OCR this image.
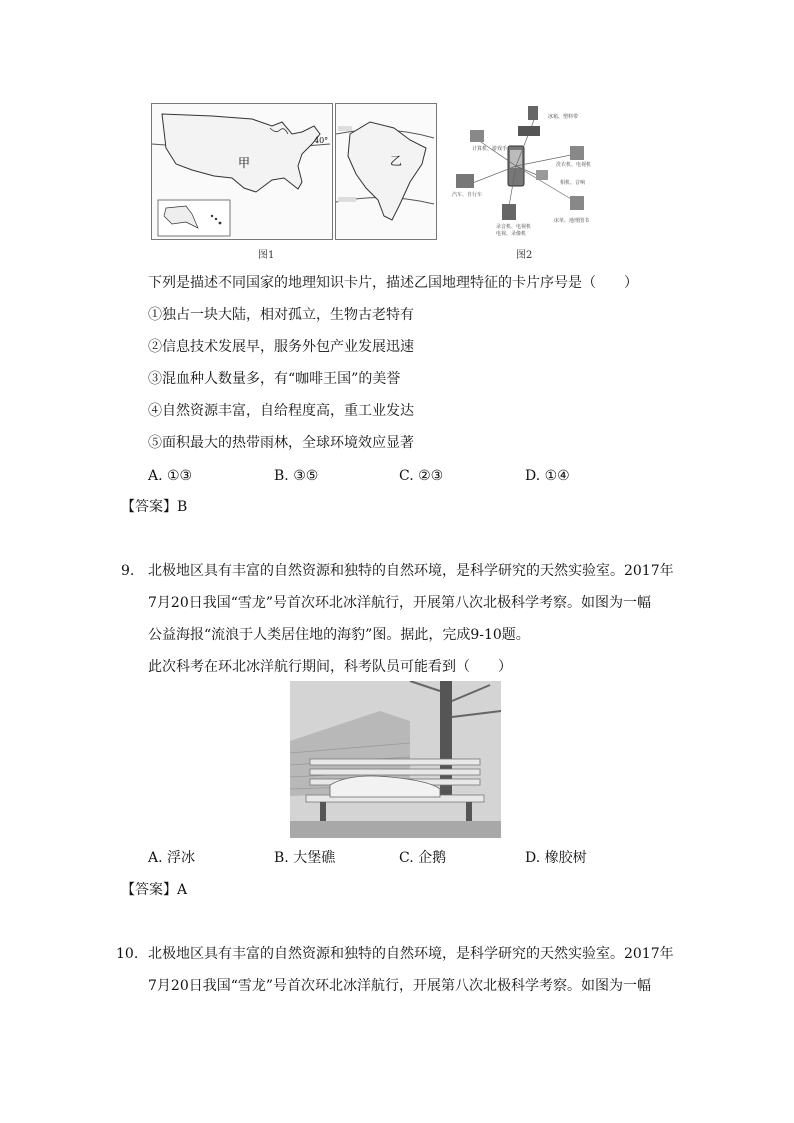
甲
40°
乙
图1
冰箱、塑料带
计算机、游戏手
洗衣机、电视机
汽车、自行车
相机、音响
录音机、电视机
电视、录像机
床单、地理图书
图2
下列是描述不同国家的地理知识卡片，描述乙国地理特征的卡片序号是（　　）
①独占一块大陆，相对孤立，生物古老特有
②信息技术发展早，服务外包产业发展迅速
③混血种人数量多，有“咖啡王国”的美誉
④自然资源丰富，自给程度高，重工业发达
⑤面积最大的热带雨林，全球环境效应显著
A. ①③	B. ③⑤	C. ②③	D. ①④
【答案】B
9. 北极地区具有丰富的自然资源和独特的自然环境，是科学研究的天然实验室。2017年
7月20日我国“雪龙”号首次环北冰洋航行，开展第八次北极科学考察。如图为一幅
公益海报“流浪于人类居住地的海豹”图。据此，完成9-10题。
此次科考在环北冰洋航行期间，科考队员可能看到（　　）
A. 浮冰	B. 大堡礁	C. 企鹅	D. 橡胶树
【答案】A
10. 北极地区具有丰富的自然资源和独特的自然环境，是科学研究的天然实验室。2017年
7月20日我国“雪龙”号首次环北冰洋航行，开展第八次北极科学考察。如图为一幅
